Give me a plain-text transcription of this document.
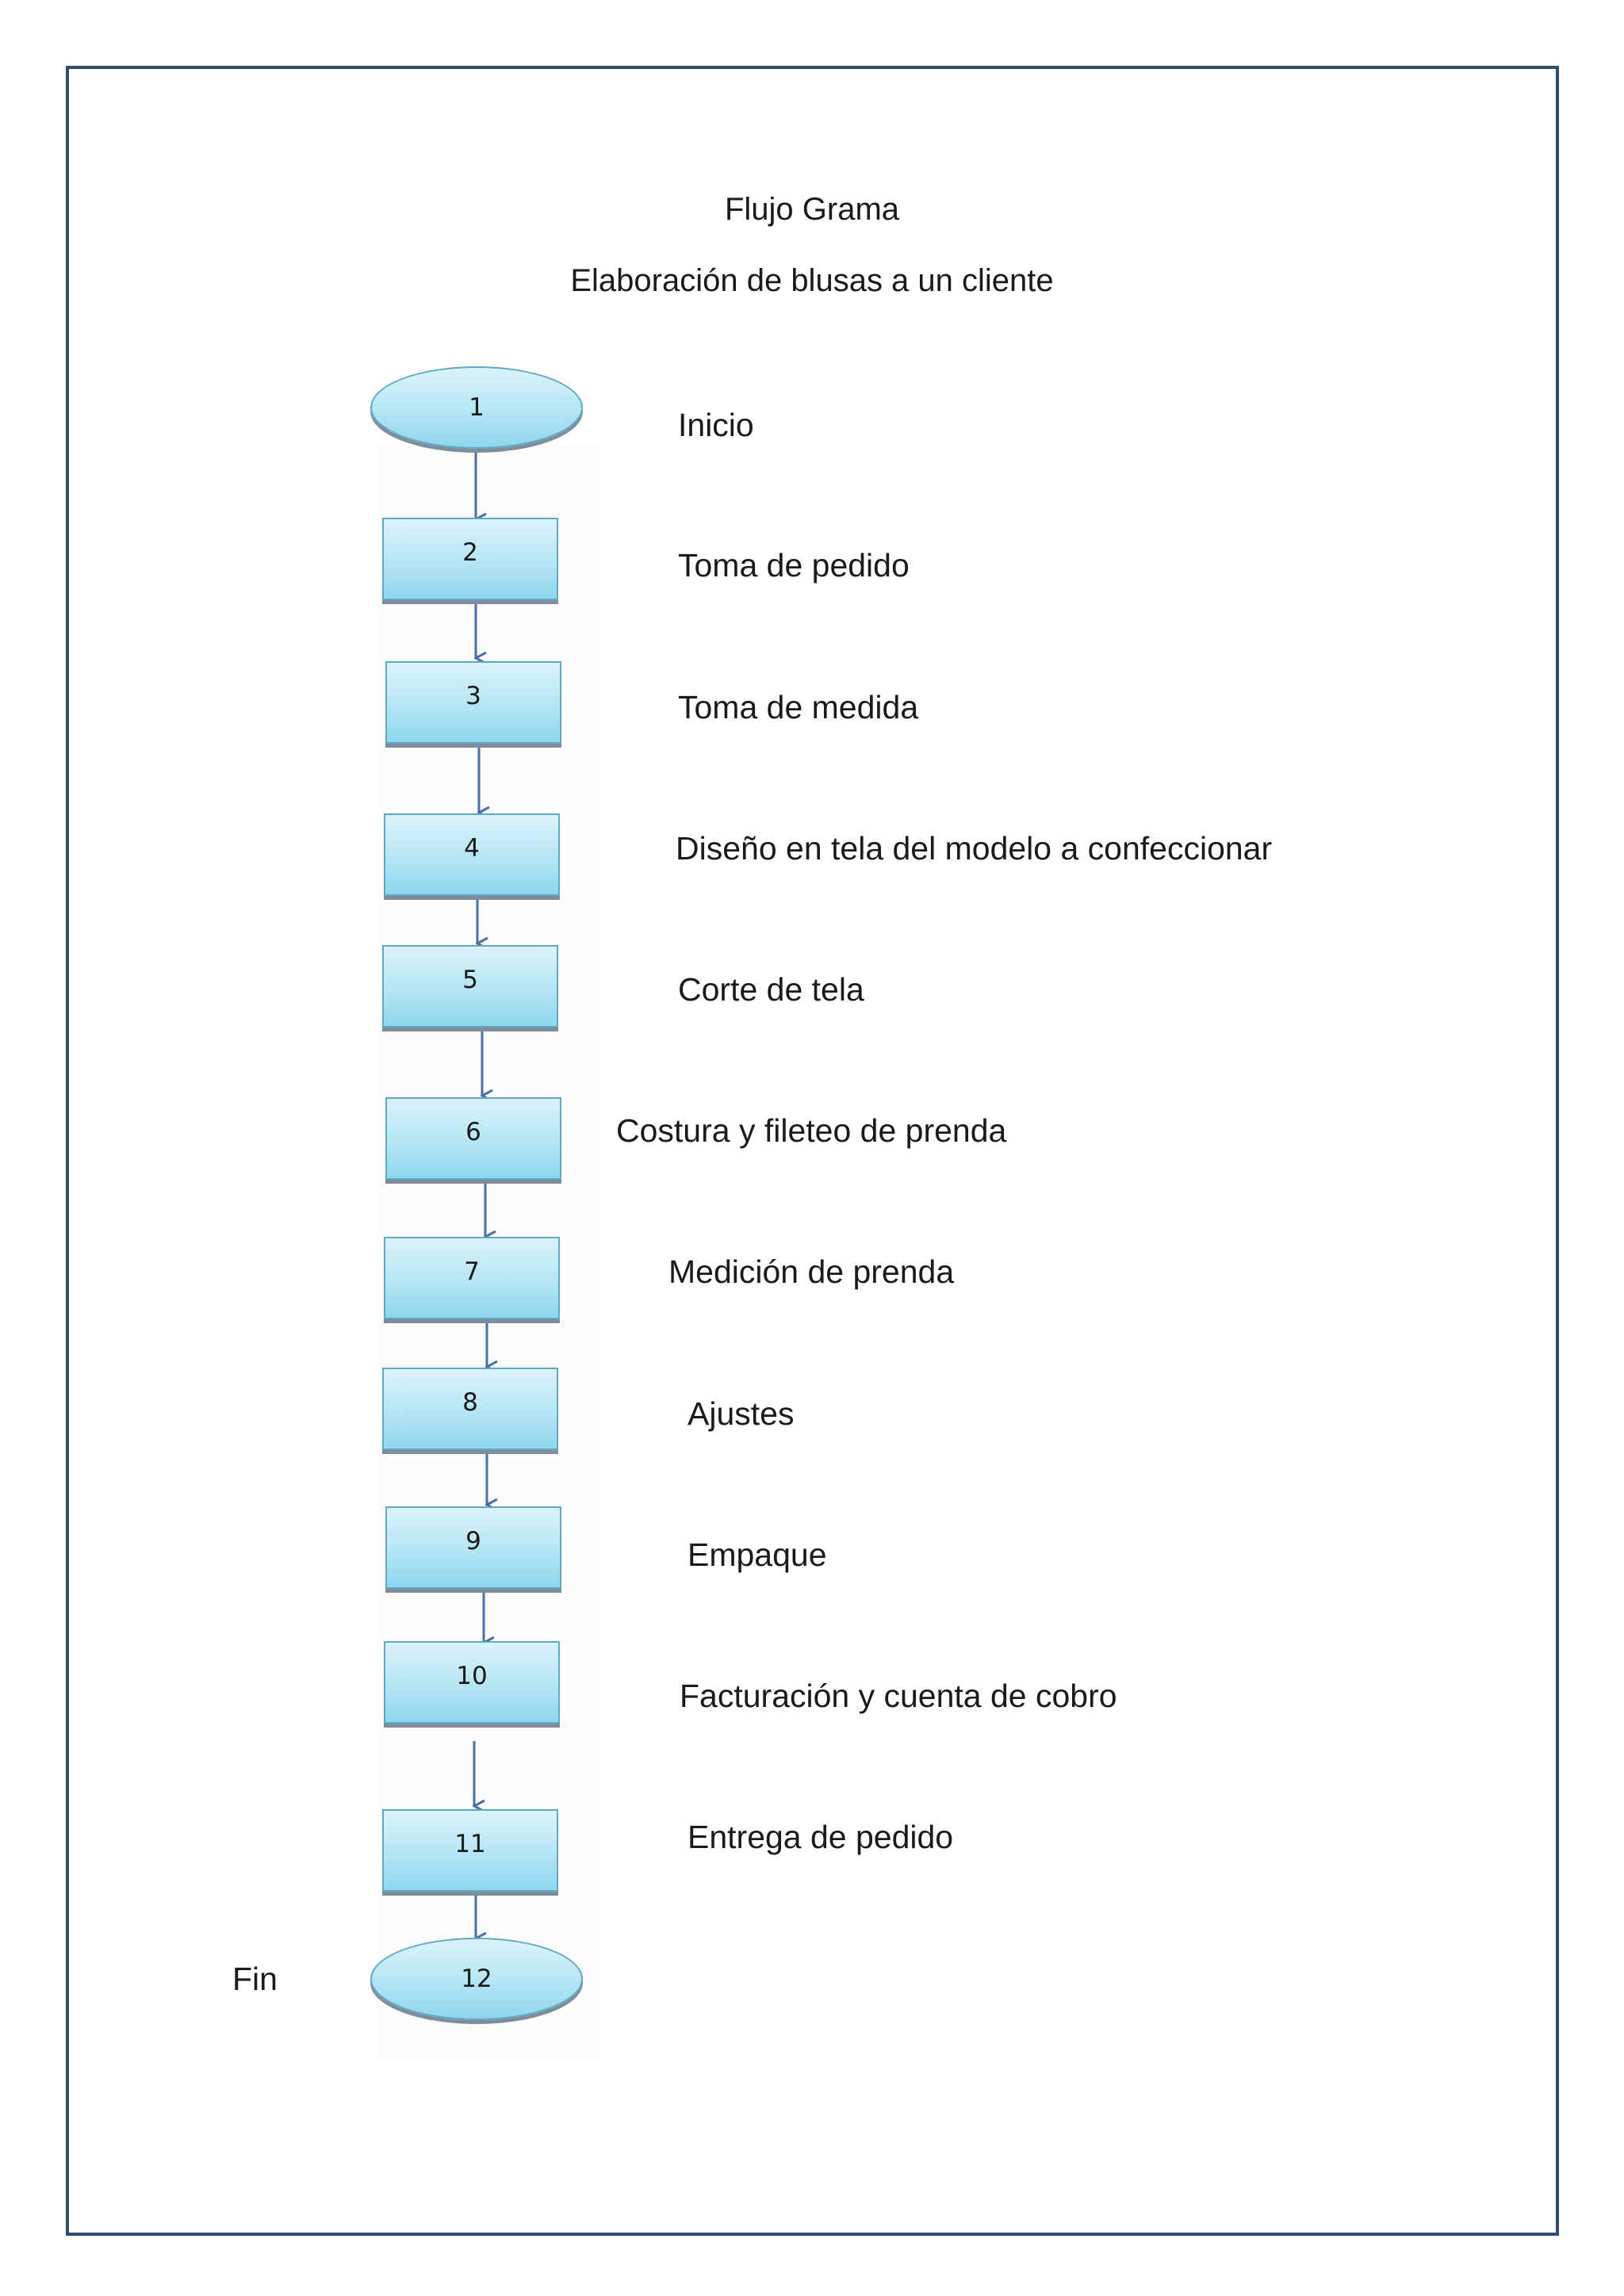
Flujo Grama
Elaboración de blusas a un cliente
1
2
3
4
5
6
7
8
9
10
11
12
Inicio
Toma de pedido
Toma de medida
Diseño en tela del modelo a confeccionar
Corte de tela
Costura y fileteo de prenda
Medición de prenda
Ajustes
Empaque
Facturación y cuenta de cobro
Entrega de pedido
Fin
